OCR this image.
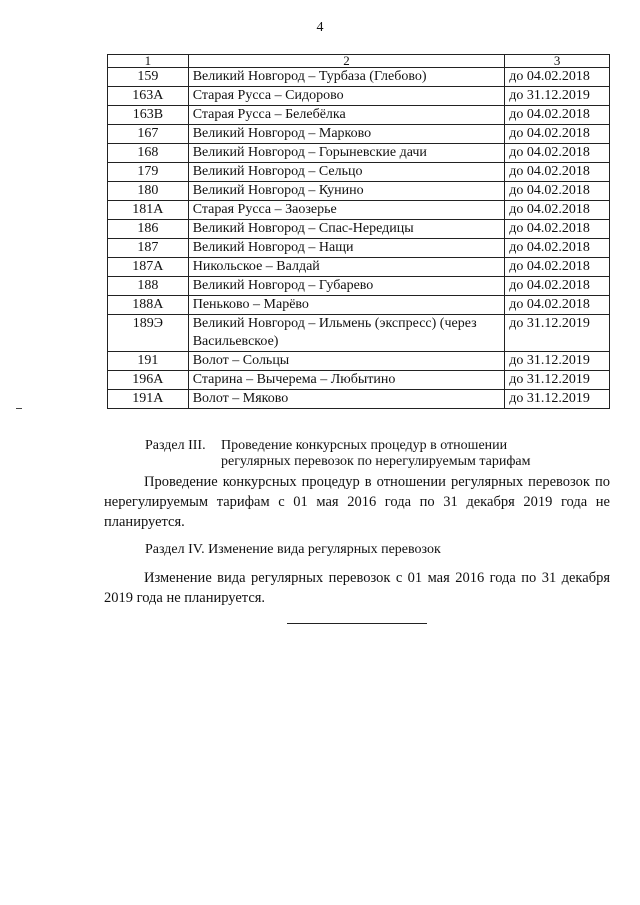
4
1	2	3
159	Великий Новгород – Турбаза (Глебово)	до 04.02.2018
163А	Старая Русса – Сидорово	до 31.12.2019
163В	Старая Русса – Белебёлка	до 04.02.2018
167	Великий Новгород – Марково	до 04.02.2018
168	Великий Новгород – Горыневские дачи	до 04.02.2018
179	Великий Новгород – Сельцо	до 04.02.2018
180	Великий Новгород – Кунино	до 04.02.2018
181А	Старая Русса – Заозерье	до 04.02.2018
186	Великий Новгород – Спас-Нередицы	до 04.02.2018
187	Великий Новгород – Нащи	до 04.02.2018
187А	Никольское – Валдай	до 04.02.2018
188	Великий Новгород – Губарево	до 04.02.2018
188А	Пеньково – Марёво	до 04.02.2018
189Э	Великий Новгород – Ильмень (экспресс) (через Васильевское)	до 31.12.2019
191	Волот – Сольцы	до 31.12.2019
196А	Старина – Вычерема – Любытино	до 31.12.2019
191А	Волот – Мяково	до 31.12.2019
Раздел III. Проведение конкурсных процедур в отношении регулярных перевозок по нерегулируемым тарифам
Проведение конкурсных процедур в отношении регулярных перевозок по нерегулируемым тарифам с 01 мая 2016 года по 31 декабря 2019 года не планируется.
Раздел IV. Изменение вида регулярных перевозок
Изменение вида регулярных перевозок с 01 мая 2016 года по 31 декабря 2019 года не планируется.
